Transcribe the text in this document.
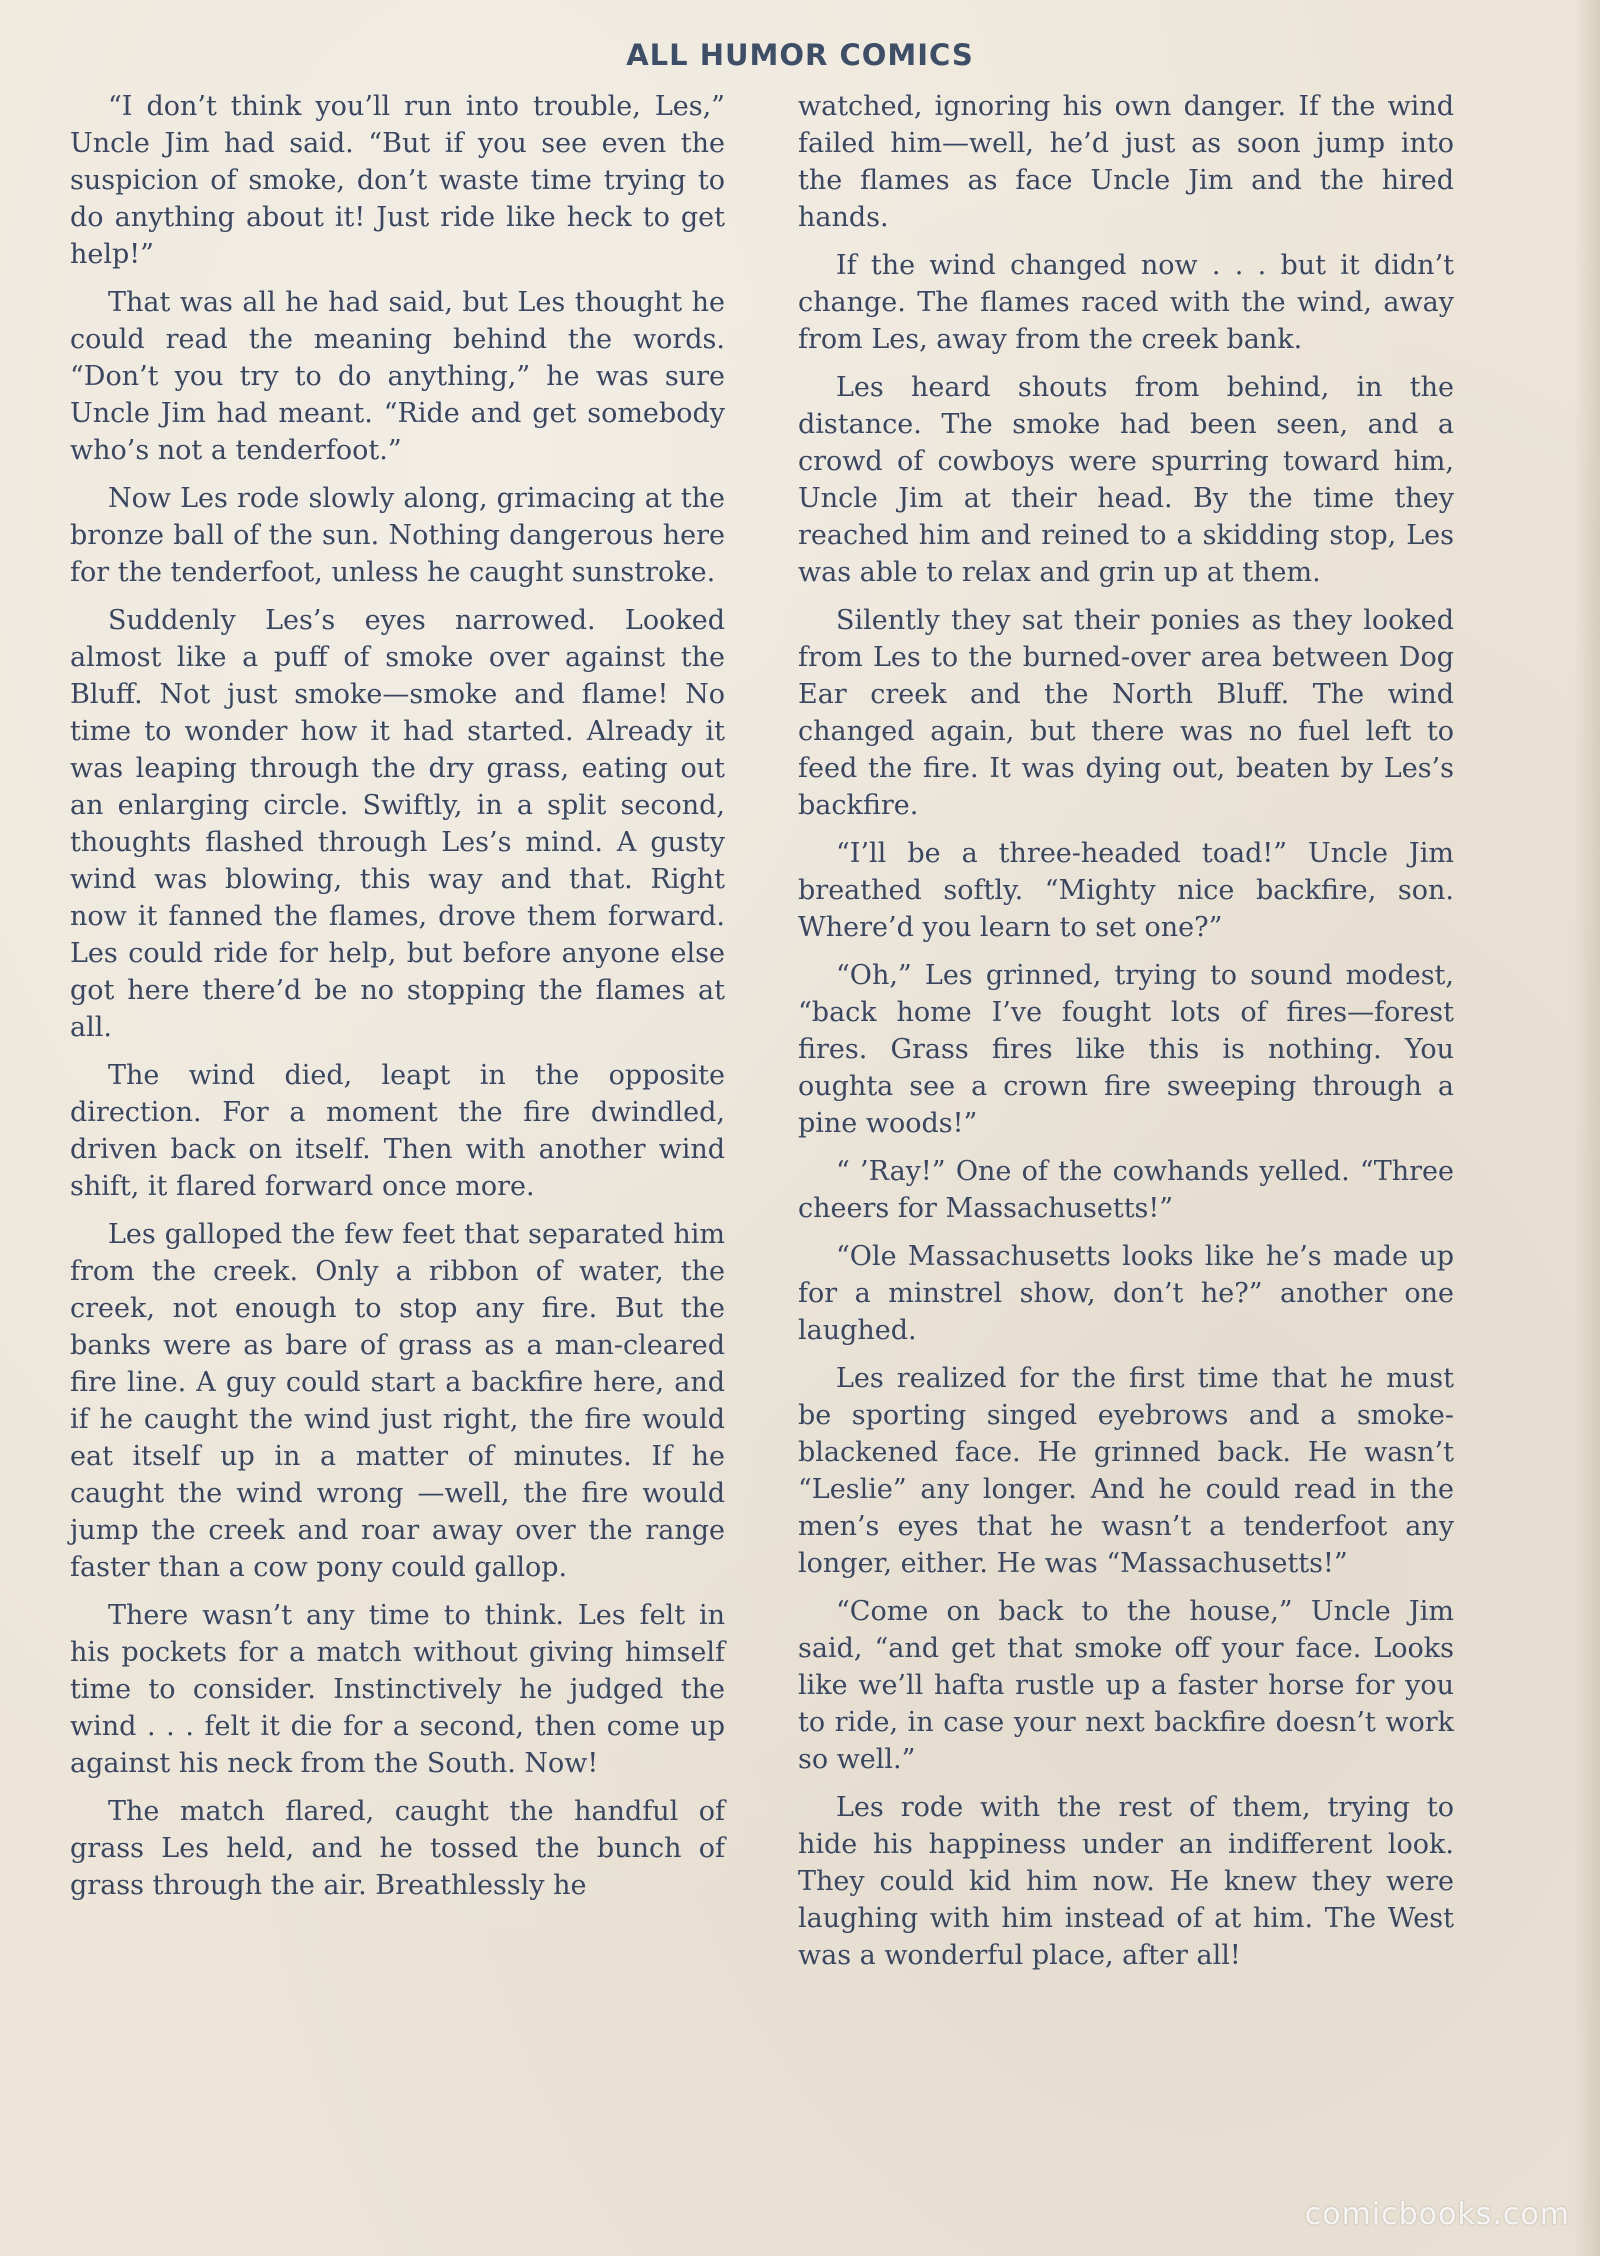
ALL HUMOR COMICS

“I don’t think you’ll run into trouble, Les,” Uncle Jim had said. “But if you see even the suspicion of smoke, don’t waste time trying to do anything about it! Just ride like heck to get help!”

That was all he had said, but Les thought he could read the meaning behind the words. “Don’t you try to do anything,” he was sure Uncle Jim had meant. “Ride and get somebody who’s not a tenderfoot.”

Now Les rode slowly along, grimacing at the bronze ball of the sun. Nothing dangerous here for the tenderfoot, unless he caught sunstroke.

Suddenly Les’s eyes narrowed. Looked almost like a puff of smoke over against the Bluff. Not just smoke—smoke and flame! No time to wonder how it had started. Already it was leaping through the dry grass, eating out an enlarging circle. Swiftly, in a split second, thoughts flashed through Les’s mind. A gusty wind was blowing, this way and that. Right now it fanned the flames, drove them forward. Les could ride for help, but before anyone else got here there’d be no stopping the flames at all.

The wind died, leapt in the opposite direction. For a moment the fire dwindled, driven back on itself. Then with another wind shift, it flared forward once more.

Les galloped the few feet that separated him from the creek. Only a ribbon of water, the creek, not enough to stop any fire. But the banks were as bare of grass as a man-cleared fire line. A guy could start a backfire here, and if he caught the wind just right, the fire would eat itself up in a matter of minutes. If he caught the wind wrong —well, the fire would jump the creek and roar away over the range faster than a cow pony could gallop.

There wasn’t any time to think. Les felt in his pockets for a match without giving himself time to consider. Instinctively he judged the wind . . . felt it die for a second, then come up against his neck from the South. Now!

The match flared, caught the handful of grass Les held, and he tossed the bunch of grass through the air. Breathlessly he

watched, ignoring his own danger. If the wind failed him—well, he’d just as soon jump into the flames as face Uncle Jim and the hired hands.

If the wind changed now . . . but it didn’t change. The flames raced with the wind, away from Les, away from the creek bank.

Les heard shouts from behind, in the distance. The smoke had been seen, and a crowd of cowboys were spurring toward him, Uncle Jim at their head. By the time they reached him and reined to a skidding stop, Les was able to relax and grin up at them.

Silently they sat their ponies as they looked from Les to the burned-over area between Dog Ear creek and the North Bluff. The wind changed again, but there was no fuel left to feed the fire. It was dying out, beaten by Les’s backfire.

“I’ll be a three-headed toad!” Uncle Jim breathed softly. “Mighty nice backfire, son. Where’d you learn to set one?”

“Oh,” Les grinned, trying to sound modest, “back home I’ve fought lots of fires—forest fires. Grass fires like this is nothing. You oughta see a crown fire sweeping through a pine woods!”

“ ’Ray!” One of the cowhands yelled. “Three cheers for Massachusetts!”

“Ole Massachusetts looks like he’s made up for a minstrel show, don’t he?” another one laughed.

Les realized for the first time that he must be sporting singed eyebrows and a smoke-blackened face. He grinned back. He wasn’t “Leslie” any longer. And he could read in the men’s eyes that he wasn’t a tenderfoot any longer, either. He was “Massachusetts!”

“Come on back to the house,” Uncle Jim said, “and get that smoke off your face. Looks like we’ll hafta rustle up a faster horse for you to ride, in case your next backfire doesn’t work so well.”

Les rode with the rest of them, trying to hide his happiness under an indifferent look. They could kid him now. He knew they were laughing with him instead of at him. The West was a wonderful place, after all!

comicbooks.com
